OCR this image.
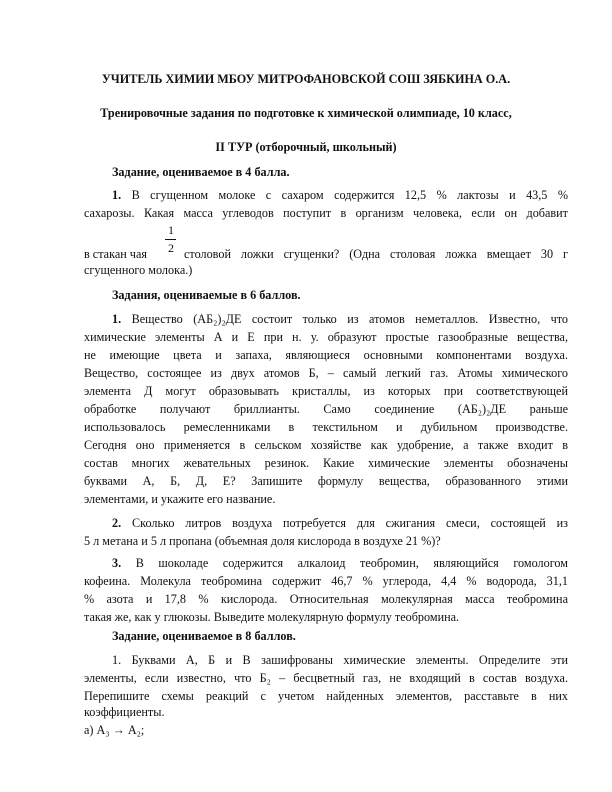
УЧИТЕЛЬ ХИМИИ МБОУ МИТРОФАНОВСКОЙ СОШ ЗЯБКИНА О.А.
Тренировочные задания по подготовке к химической олимпиаде, 10 класс,
II ТУР (отборочный, школьный)
Задание, оцениваемое в 4 балла.
1. В сгущенном молоке с сахаром содержится 12,5 % лактозы и 43,5 %
сахарозы. Какая масса углеводов поступит в организм человека, если он добавит
в стакан чая
1
2 столовой ложки сгущенки? (Одна столовая ложка вмещает 30 г
сгущенного молока.)
Задания, оцениваемые в 6 баллов.
1. Вещество (АБ₂)₂ДЕ состоит только из атомов неметаллов. Известно, что
химические элементы А и Е при н. у. образуют простые газообразные вещества,
не имеющие цвета и запаха, являющиеся основными компонентами воздуха.
Вещество, состоящее из двух атомов Б, – самый легкий газ. Атомы химического
элемента Д могут образовывать кристаллы, из которых при соответствующей
обработке получают бриллианты. Само соединение (АБ₂)₂ДЕ раньше
использовалось ремесленниками в текстильном и дубильном производстве.
Сегодня оно применяется в сельском хозяйстве как удобрение, а также входит в
состав многих жевательных резинок. Какие химические элементы обозначены
буквами А, Б, Д, Е? Запишите формулу вещества, образованного этими
элементами, и укажите его название.
2. Сколько литров воздуха потребуется для сжигания смеси, состоящей из
5 л метана и 5 л пропана (объемная доля кислорода в воздухе 21 %)?
3. В шоколаде содержится алкалоид теобромин, являющийся гомологом
кофеина. Молекула теобромина содержит 46,7 % углерода, 4,4 % водорода, 31,1
% азота и 17,8 % кислорода. Относительная молекулярная масса теобромина
такая же, как у глюкозы. Выведите молекулярную формулу теобромина.
Задание, оцениваемое в 8 баллов.
1. Буквами А, Б и В зашифрованы химические элементы. Определите эти
элементы, если известно, что Б₂ – бесцветный газ, не входящий в состав воздуха.
Перепишите схемы реакций с учетом найденных элементов, расставьте в них
коэффициенты.
а) А₃ → А₂;
